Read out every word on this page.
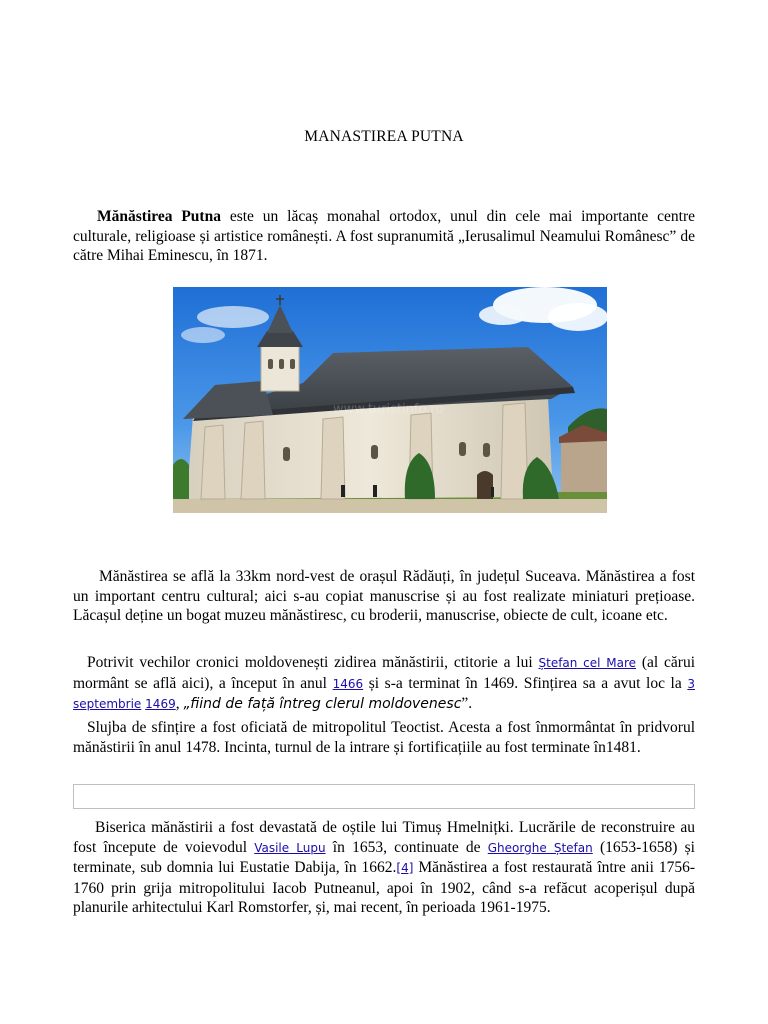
MANASTIREA PUTNA

Mănăstirea Putna este un lăcaș monahal ortodox, unul din cele mai importante centre culturale, religioase și artistice românești. A fost supranumită „Ierusalimul Neamului Românesc” de către Mihai Eminescu, în 1871.

www.turistinfo.ro

Mănăstirea se află la 33km nord-vest de orașul Rădăuți, în județul Suceava. Mănăstirea a fost un important centru cultural; aici s-au copiat manuscrise și au fost realizate miniaturi prețioase. Lăcașul deține un bogat muzeu mănăstiresc, cu broderii, manuscrise, obiecte de cult, icoane etc.

Potrivit vechilor cronici moldovenești zidirea mănăstirii, ctitorie a lui Ștefan cel Mare (al cărui mormânt se află aici), a început în anul 1466 și s-a terminat în 1469. Sfințirea sa a avut loc la 3 septembrie 1469, „fiind de față întreg clerul moldovenesc”.

Slujba de sfințire a fost oficiată de mitropolitul Teoctist. Acesta a fost înmormântat în pridvorul mănăstirii în anul 1478. Incinta, turnul de la intrare și fortificațiile au fost terminate în1481.

Biserica mănăstirii a fost devastată de oștile lui Timuș Hmelnițki. Lucrările de reconstruire au fost începute de voievodul Vasile Lupu în 1653, continuate de Gheorghe Ștefan (1653-1658) și terminate, sub domnia lui Eustatie Dabija, în 1662.[4] Mănăstirea a fost restaurată între anii 1756-1760 prin grija mitropolitului Iacob Putneanul, apoi în 1902, când s-a refăcut acoperișul după planurile arhitectului Karl Romstorfer, și, mai recent, în perioada 1961-1975.
